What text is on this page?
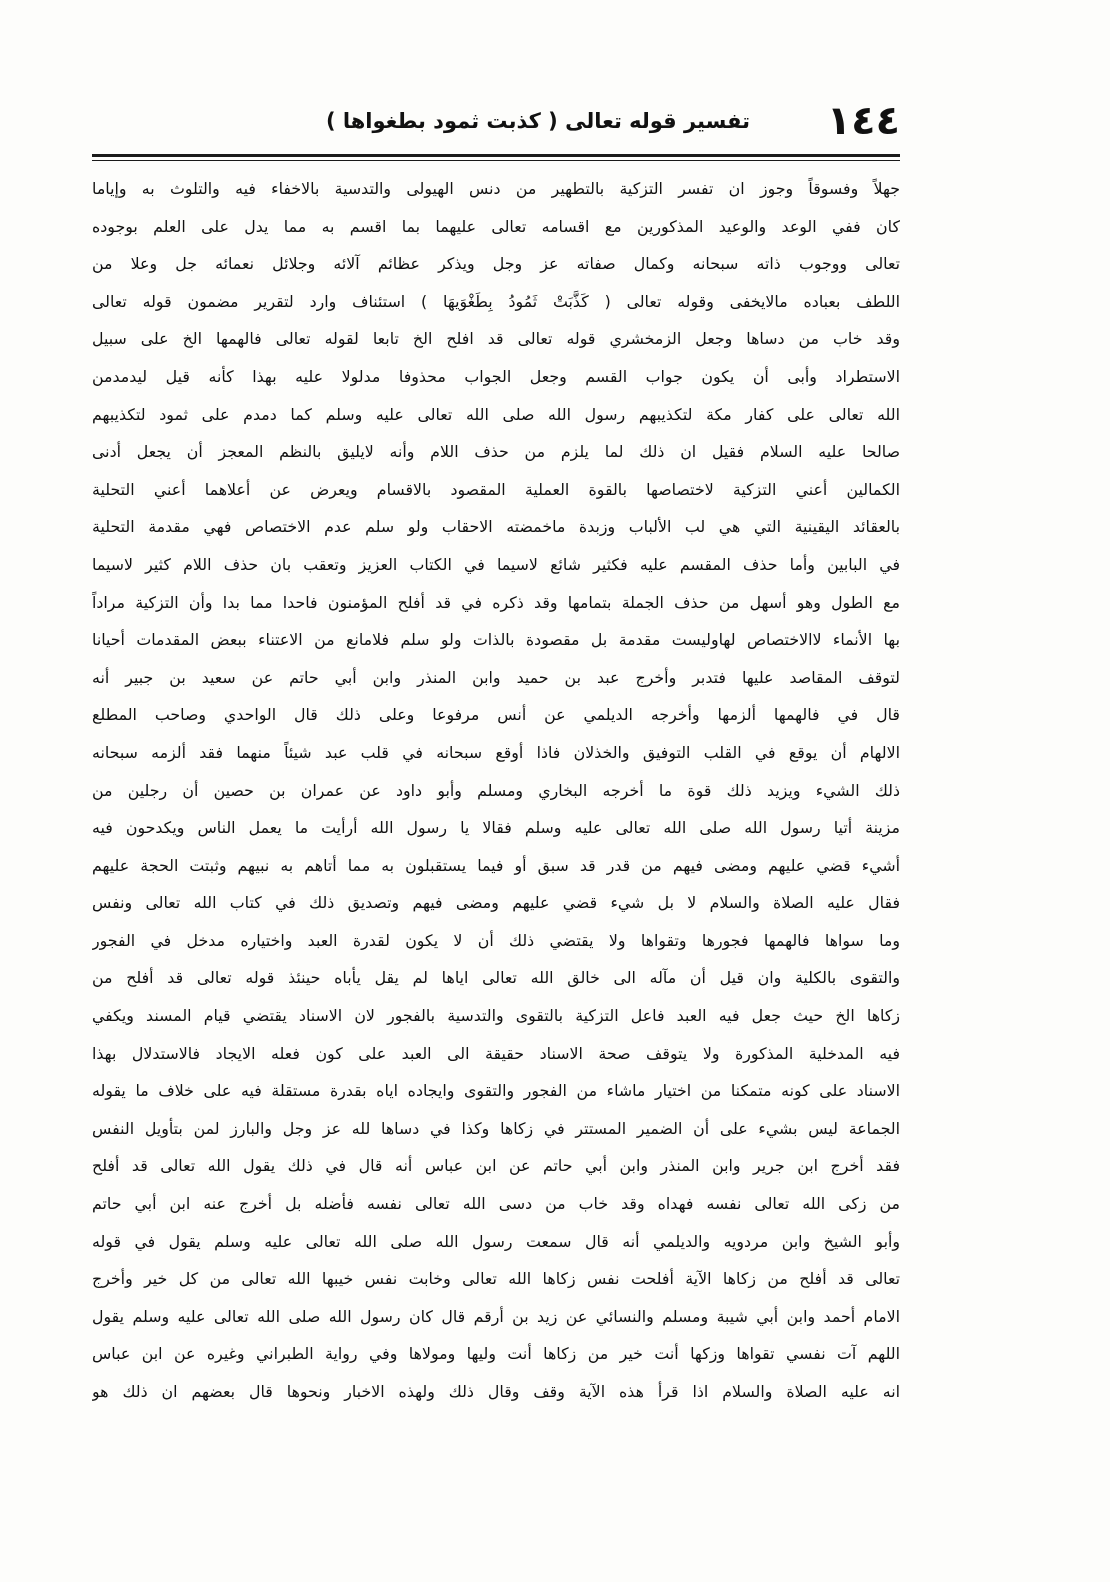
١٤٤
تفسير قوله تعالى ( كذبت ثمود بطغواها )
جهلاً وفسوقاً وجوز ان تفسر التزكية بالتطهير من دنس الهيولى والتدسية بالاخفاء فيه والتلوث به وإياما
كان ففي الوعد والوعيد المذكورين مع اقسامه تعالى عليهما بما اقسم به مما يدل على العلم بوجوده
تعالى ووجوب ذاته سبحانه وكمال صفاته عز وجل ويذكر عظائم آلائه وجلائل نعمائه جل وعلا من
اللطف بعباده مالايخفى وقوله تعالى ( كَذَّبَتْ ثَمُودُ بِطَغْوَيهَا ) استئناف وارد لتقرير مضمون قوله تعالى
وقد خاب من دساها وجعل الزمخشري قوله تعالى قد افلح الخ تابعا لقوله تعالى فالهمها الخ على سبيل
الاستطراد وأبى أن يكون جواب القسم وجعل الجواب محذوفا مدلولا عليه بهذا كأنه قيل ليدمدمن
الله تعالى على كفار مكة لتكذيبهم رسول الله صلى الله تعالى عليه وسلم كما دمدم على ثمود لتكذيبهم
صالحا عليه السلام فقيل ان ذلك لما يلزم من حذف اللام وأنه لايليق بالنظم المعجز أن يجعل أدنى
الكمالين أعني التزكية لاختصاصها بالقوة العملية المقصود بالاقسام ويعرض عن أعلاهما أعني التحلية
بالعقائد اليقينية التي هي لب الألباب وزبدة ماخمضته الاحقاب ولو سلم عدم الاختصاص فهي مقدمة التحلية
في البابين وأما حذف المقسم عليه فكثير شائع لاسيما في الكتاب العزيز وتعقب بان حذف اللام كثير لاسيما
مع الطول وهو أسهل من حذف الجملة بتمامها وقد ذكره في قد أفلح المؤمنون فاحدا مما بدا وأن التزكية مراداً
بها الأنماء لاالاختصاص لهاوليست مقدمة بل مقصودة بالذات ولو سلم فلامانع من الاعتناء ببعض المقدمات أحيانا
لتوقف المقاصد عليها فتدبر وأخرج عبد بن حميد وابن المنذر وابن أبي حاتم عن سعيد بن جبير أنه
قال في فالهمها ألزمها وأخرجه الديلمي عن أنس مرفوعا وعلى ذلك قال الواحدي وصاحب المطلع
الالهام أن يوقع في القلب التوفيق والخذلان فاذا أوقع سبحانه في قلب عبد شيئاً منهما فقد ألزمه سبحانه
ذلك الشيء ويزيد ذلك قوة ما أخرجه البخاري ومسلم وأبو داود عن عمران بن حصين أن رجلين من
مزينة أتيا رسول الله صلى الله تعالى عليه وسلم فقالا يا رسول الله أرأيت ما يعمل الناس ويكدحون فيه
أشيء قضي عليهم ومضى فيهم من قدر قد سبق أو فيما يستقبلون به مما أتاهم به نبيهم وثبتت الحجة عليهم
فقال عليه الصلاة والسلام لا بل شيء قضي عليهم ومضى فيهم وتصديق ذلك في كتاب الله تعالى ونفس
وما سواها فالهمها فجورها وتقواها ولا يقتضي ذلك أن لا يكون لقدرة العبد واختياره مدخل في الفجور
والتقوى بالكلية وان قيل أن مآله الى خالق الله تعالى اياها لم يقل يأباه حينئذ قوله تعالى قد أفلح من
زكاها الخ حيث جعل فيه العبد فاعل التزكية بالتقوى والتدسية بالفجور لان الاسناد يقتضي قيام المسند ويكفي
فيه المدخلية المذكورة ولا يتوقف صحة الاسناد حقيقة الى العبد على كون فعله الايجاد فالاستدلال بهذا
الاسناد على كونه متمكنا من اختيار ماشاء من الفجور والتقوى وايجاده اياه بقدرة مستقلة فيه على خلاف ما يقوله
الجماعة ليس بشيء على أن الضمير المستتر في زكاها وكذا في دساها لله عز وجل والبارز لمن بتأويل النفس
فقد أخرج ابن جرير وابن المنذر وابن أبي حاتم عن ابن عباس أنه قال في ذلك يقول الله تعالى قد أفلح
من زكى الله تعالى نفسه فهداه وقد خاب من دسى الله تعالى نفسه فأضله بل أخرج عنه ابن أبي حاتم
وأبو الشيخ وابن مردويه والديلمي أنه قال سمعت رسول الله صلى الله تعالى عليه وسلم يقول في قوله
تعالى قد أفلح من زكاها الآية أفلحت نفس زكاها الله تعالى وخابت نفس خيبها الله تعالى من كل خير وأخرج
الامام أحمد وابن أبي شيبة ومسلم والنسائي عن زيد بن أرقم قال كان رسول الله صلى الله تعالى عليه وسلم يقول
اللهم آت نفسي تقواها وزكها أنت خير من زكاها أنت وليها ومولاها وفي رواية الطبراني وغيره عن ابن عباس
انه عليه الصلاة والسلام اذا قرأ هذه الآية وقف وقال ذلك ولهذه الاخبار ونحوها قال بعضهم ان ذلك هو
